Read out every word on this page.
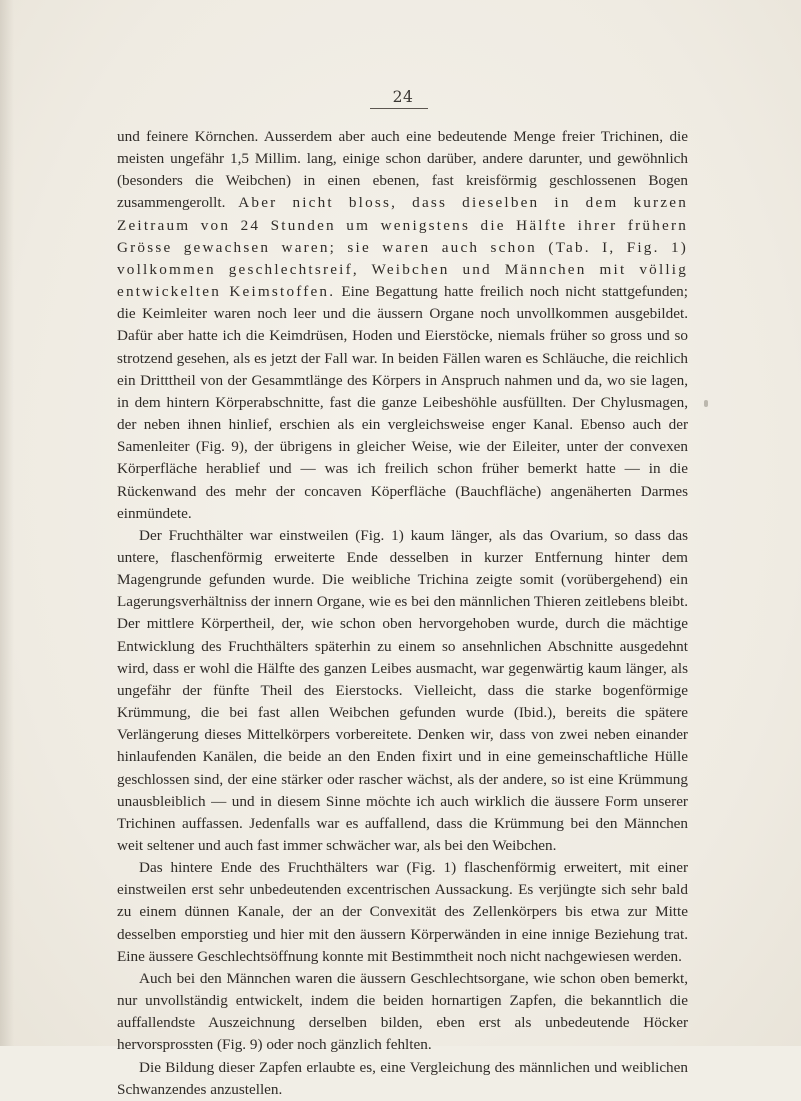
24

und feinere Körnchen. Ausserdem aber auch eine bedeutende Menge freier Trichinen, die meisten ungefähr 1,5 Millim. lang, einige schon darüber, andere darunter, und gewöhnlich (besonders die Weibchen) in einen ebenen, fast kreisförmig geschlossenen Bogen zusammengerollt. Aber nicht bloss, dass dieselben in dem kurzen Zeitraum von 24 Stunden um wenigstens die Hälfte ihrer frühern Grösse gewachsen waren; sie waren auch schon (Tab. I, Fig. 1) vollkommen geschlechtsreif, Weibchen und Männchen mit völlig entwickelten Keimstoffen. Eine Begattung hatte freilich noch nicht stattgefunden; die Keimleiter waren noch leer und die äussern Organe noch unvollkommen ausgebildet. Dafür aber hatte ich die Keimdrüsen, Hoden und Eierstöcke, niemals früher so gross und so strotzend gesehen, als es jetzt der Fall war. In beiden Fällen waren es Schläuche, die reichlich ein Dritttheil von der Gesammtlänge des Körpers in Anspruch nahmen und da, wo sie lagen, in dem hintern Körperabschnitte, fast die ganze Leibeshöhle ausfüllten. Der Chylusmagen, der neben ihnen hinlief, erschien als ein vergleichsweise enger Kanal. Ebenso auch der Samenleiter (Fig. 9), der übrigens in gleicher Weise, wie der Eileiter, unter der convexen Körperfläche herablief und — was ich freilich schon früher bemerkt hatte — in die Rückenwand des mehr der concaven Köperfläche (Bauchfläche) angenäherten Darmes einmündete.

Der Fruchthälter war einstweilen (Fig. 1) kaum länger, als das Ovarium, so dass das untere, flaschenförmig erweiterte Ende desselben in kurzer Entfernung hinter dem Magengrunde gefunden wurde. Die weibliche Trichina zeigte somit (vorübergehend) ein Lagerungsverhältniss der innern Organe, wie es bei den männlichen Thieren zeitlebens bleibt. Der mittlere Körpertheil, der, wie schon oben hervorgehoben wurde, durch die mächtige Entwicklung des Fruchthälters späterhin zu einem so ansehnlichen Abschnitte ausgedehnt wird, dass er wohl die Hälfte des ganzen Leibes ausmacht, war gegenwärtig kaum länger, als ungefähr der fünfte Theil des Eierstocks. Vielleicht, dass die starke bogenförmige Krümmung, die bei fast allen Weibchen gefunden wurde (Ibid.), bereits die spätere Verlängerung dieses Mittelkörpers vorbereitete. Denken wir, dass von zwei neben einander hinlaufenden Kanälen, die beide an den Enden fixirt und in eine gemeinschaftliche Hülle geschlossen sind, der eine stärker oder rascher wächst, als der andere, so ist eine Krümmung unausbleiblich — und in diesem Sinne möchte ich auch wirklich die äussere Form unserer Trichinen auffassen. Jedenfalls war es auffallend, dass die Krümmung bei den Männchen weit seltener und auch fast immer schwächer war, als bei den Weibchen.

Das hintere Ende des Fruchthälters war (Fig. 1) flaschenförmig erweitert, mit einer einstweilen erst sehr unbedeutenden excentrischen Aussackung. Es verjüngte sich sehr bald zu einem dünnen Kanale, der an der Convexität des Zellenkörpers bis etwa zur Mitte desselben emporstieg und hier mit den äussern Körperwänden in eine innige Beziehung trat. Eine äussere Geschlechtsöffnung konnte mit Bestimmtheit noch nicht nachgewiesen werden.

Auch bei den Männchen waren die äussern Geschlechtsorgane, wie schon oben bemerkt, nur unvollständig entwickelt, indem die beiden hornartigen Zapfen, die bekanntlich die auffallendste Auszeichnung derselben bilden, eben erst als unbedeutende Höcker hervorsprossten (Fig. 9) oder noch gänzlich fehlten.

Die Bildung dieser Zapfen erlaubte es, eine Vergleichung des männlichen und weiblichen Schwanzendes anzustellen.
